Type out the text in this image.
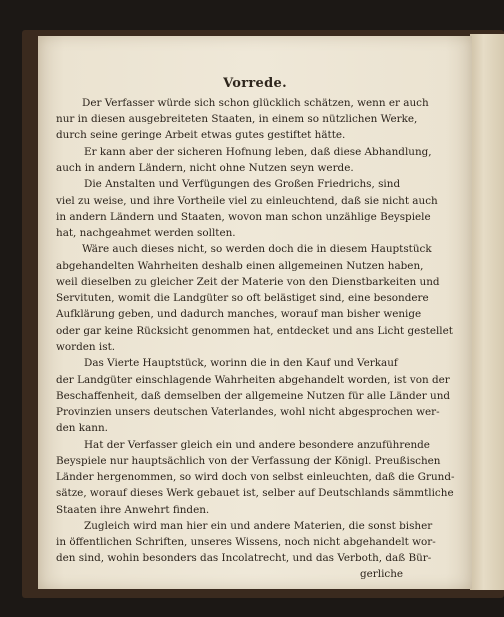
Vorrede.
Der Verfasser würde sich schon glücklich schätzen, wenn er auch
nur in diesen ausgebreiteten Staaten, in einem so nützlichen Werke,
durch seine geringe Arbeit etwas gutes gestiftet hätte.
Er kann aber der sicheren Hofnung leben, daß diese Abhandlung,
auch in andern Ländern, nicht ohne Nutzen seyn werde.
Die Anstalten und Verfügungen des Großen Friedrichs, sind
viel zu weise, und ihre Vortheile viel zu einleuchtend, daß sie nicht auch
in andern Ländern und Staaten, wovon man schon unzählige Beyspiele
hat, nachgeahmet werden sollten.
Wäre auch dieses nicht, so werden doch die in diesem Hauptstück
abgehandelten Wahrheiten deshalb einen allgemeinen Nutzen haben,
weil dieselben zu gleicher Zeit der Materie von den Dienstbarkeiten und
Servituten, womit die Landgüter so oft belästiget sind, eine besondere
Aufklärung geben, und dadurch manches, worauf man bisher wenige
oder gar keine Rücksicht genommen hat, entdecket und ans Licht gestellet
worden ist.
Das Vierte Hauptstück, worinn die in den Kauf und Verkauf
der Landgüter einschlagende Wahrheiten abgehandelt worden, ist von der
Beschaffenheit, daß demselben der allgemeine Nutzen für alle Länder und
Provinzien unsers deutschen Vaterlandes, wohl nicht abgesprochen wer-
den kann.
Hat der Verfasser gleich ein und andere besondere anzuführende
Beyspiele nur hauptsächlich von der Verfassung der Königl. Preußischen
Länder hergenommen, so wird doch von selbst einleuchten, daß die Grund-
sätze, worauf dieses Werk gebauet ist, selber auf Deutschlands sämmtliche
Staaten ihre Anwehrt finden.
Zugleich wird man hier ein und andere Materien, die sonst bisher
in öffentlichen Schriften, unseres Wissens, noch nicht abgehandelt wor-
den sind, wohin besonders das Incolatrecht, und das Verboth, daß Bür-
gerliche
